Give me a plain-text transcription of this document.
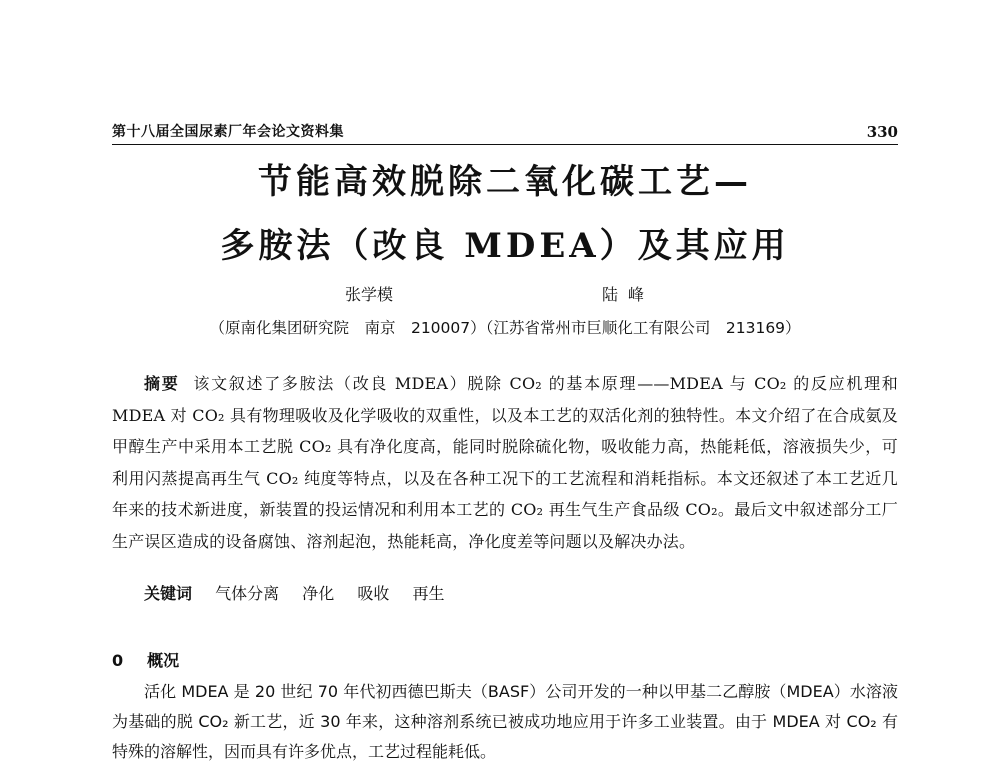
第十八届全国尿素厂年会论文资料集	330
节能高效脱除二氧化碳工艺—
多胺法（改良 MDEA）及其应用
张学模	陆峰
（原南化集团研究院　南京　210007）（江苏省常州市巨顺化工有限公司　213169）
摘要 该文叙述了多胺法（改良 MDEA）脱除 CO₂ 的基本原理——MDEA 与 CO₂ 的反应机理和 MDEA 对 CO₂ 具有物理吸收及化学吸收的双重性，以及本工艺的双活化剂的独特性。本文介绍了在合成氨及甲醇生产中采用本工艺脱 CO₂ 具有净化度高，能同时脱除硫化物，吸收能力高，热能耗低，溶液损失少，可利用闪蒸提高再生气 CO₂ 纯度等特点，以及在各种工况下的工艺流程和消耗指标。本文还叙述了本工艺近几年来的技术新进度，新装置的投运情况和利用本工艺的 CO₂ 再生气生产食品级 CO₂。最后文中叙述部分工厂生产误区造成的设备腐蚀、溶剂起泡，热能耗高，净化度差等问题以及解决办法。
关键词 气体分离 净化 吸收 再生
0 概况
活化 MDEA 是 20 世纪 70 年代初西德巴斯夫（BASF）公司开发的一种以甲基二乙醇胺（MDEA）水溶液为基础的脱 CO₂ 新工艺，近 30 年来，这种溶剂系统已被成功地应用于许多工业装置。由于 MDEA 对 CO₂ 有特殊的溶解性，因而具有许多优点，工艺过程能耗低。
